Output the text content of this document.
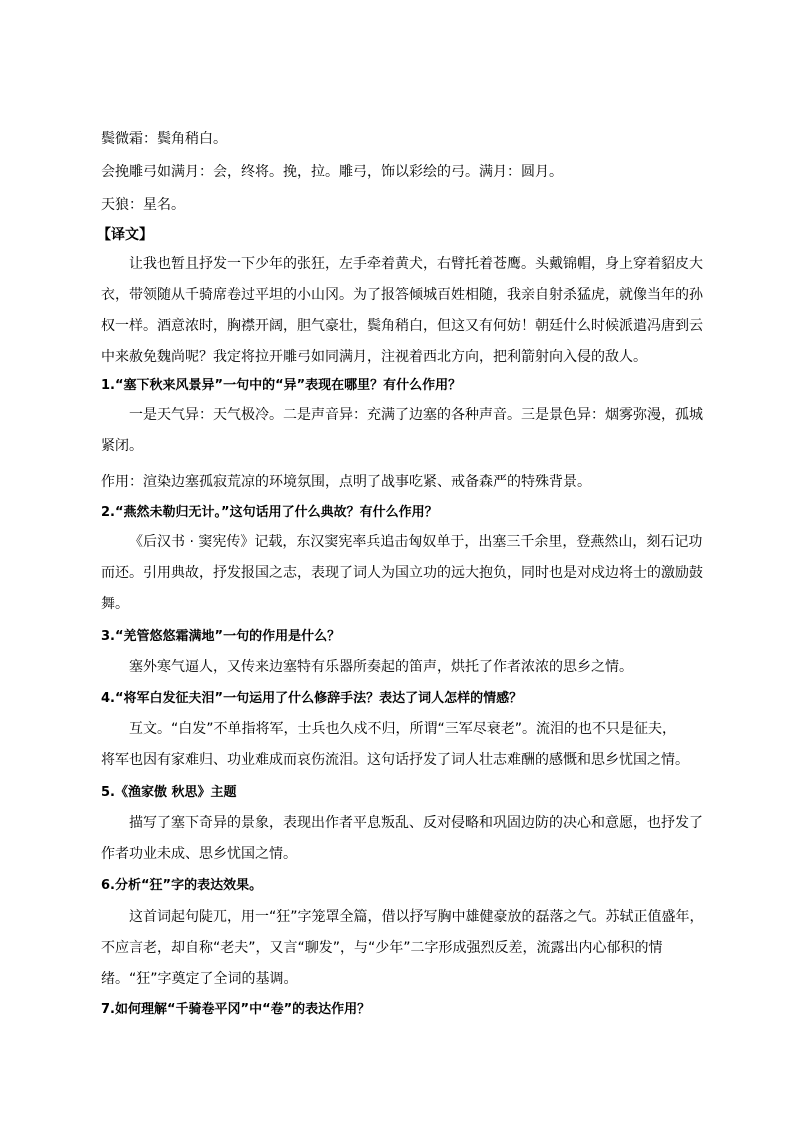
鬓微霜：鬓角稍白。
会挽雕弓如满月：会，终将。挽，拉。雕弓，饰以彩绘的弓。满月：圆月。
天狼：星名。
【译文】
让我也暂且抒发一下少年的张狂，左手牵着黄犬，右臂托着苍鹰。头戴锦帽，身上穿着貂皮大
衣，带领随从千骑席卷过平坦的小山冈。为了报答倾城百姓相随，我亲自射杀猛虎，就像当年的孙
权一样。酒意浓时，胸襟开阔，胆气豪壮，鬓角稍白，但这又有何妨！朝廷什么时候派遣冯唐到云
中来赦免魏尚呢？我定将拉开雕弓如同满月，注视着西北方向，把利箭射向入侵的敌人。
1.“塞下秋来风景异”一句中的“异”表现在哪里？有什么作用？
一是天气异：天气极冷。二是声音异：充满了边塞的各种声音。三是景色异：烟雾弥漫，孤城
紧闭。
作用：渲染边塞孤寂荒凉的环境氛围，点明了战事吃紧、戒备森严的特殊背景。
2.“燕然未勒归无计。”这句话用了什么典故？有什么作用？
《后汉书 · 窦宪传》记载，东汉窦宪率兵追击匈奴单于，出塞三千余里，登燕然山，刻石记功
而还。引用典故，抒发报国之志，表现了词人为国立功的远大抱负，同时也是对戍边将士的激励鼓
舞。
3.“羌管悠悠霜满地”一句的作用是什么？
塞外寒气逼人，又传来边塞特有乐器所奏起的笛声，烘托了作者浓浓的思乡之情。
4.“将军白发征夫泪”一句运用了什么修辞手法？表达了词人怎样的情感？
互文。“白发”不单指将军，士兵也久戍不归，所谓“三军尽衰老”。流泪的也不只是征夫，
将军也因有家难归、功业难成而哀伤流泪。这句话抒发了词人壮志难酬的感慨和思乡忧国之情。
5.《渔家傲 秋思》主题
描写了塞下奇异的景象，表现出作者平息叛乱、反对侵略和巩固边防的决心和意愿，也抒发了
作者功业未成、思乡忧国之情。
6.分析“狂”字的表达效果。
这首词起句陡兀，用一“狂”字笼罩全篇，借以抒写胸中雄健豪放的磊落之气。苏轼正值盛年，
不应言老，却自称“老夫”，又言“聊发”，与“少年”二字形成强烈反差，流露出内心郁积的情
绪。“狂”字奠定了全词的基调。
7.如何理解“千骑卷平冈”中“卷”的表达作用？
